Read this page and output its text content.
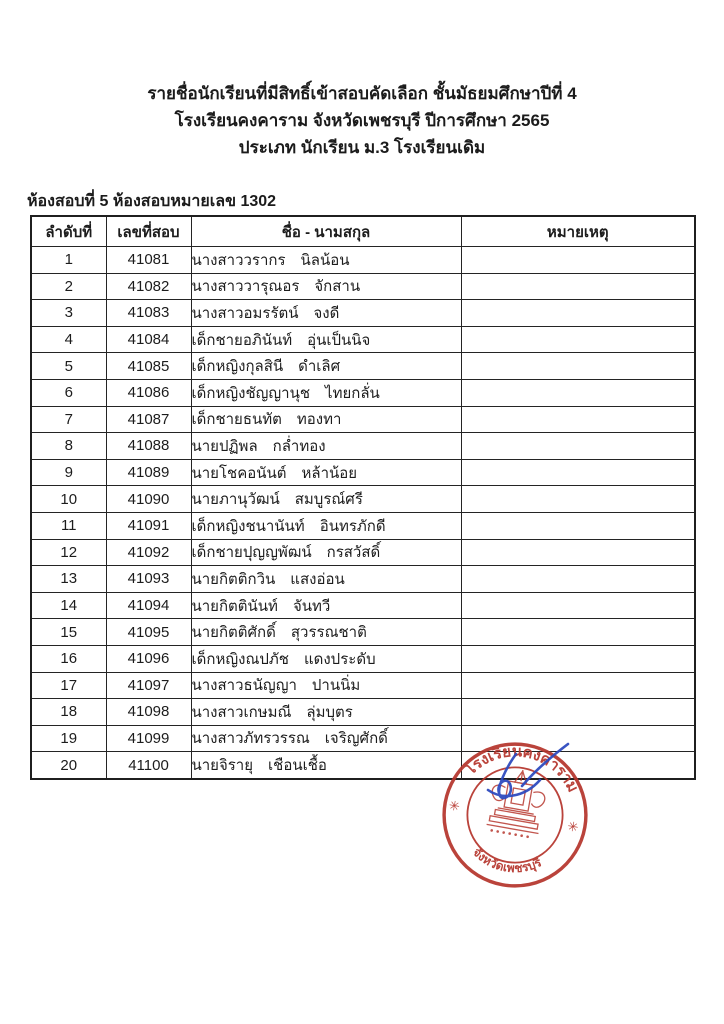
รายชื่อนักเรียนที่มีสิทธิ์เข้าสอบคัดเลือก ชั้นมัธยมศึกษาปีที่ 4
โรงเรียนคงคาราม จังหวัดเพชรบุรี ปีการศึกษา 2565
ประเภท นักเรียน ม.3 โรงเรียนเดิม
ห้องสอบที่ 5 ห้องสอบหมายเลข 1302
ลำดับที่	เลขที่สอบ	ชื่อ - นามสกุล	หมายเหตุ
1	41081	นางสาววรากร นิลน้อน	
2	41082	นางสาววารุณอร จักสาน	
3	41083	นางสาวอมรรัตน์ จงดี	
4	41084	เด็กชายอภินันท์ อุ่นเป็นนิจ	
5	41085	เด็กหญิงกุลสินี ดำเลิศ	
6	41086	เด็กหญิงชัญญานุช ไทยกลั่น	
7	41087	เด็กชายธนทัต ทองทา	
8	41088	นายปฏิพล กล่ำทอง	
9	41089	นายโชคอนันต์ หล้าน้อย	
10	41090	นายภานุวัฒน์ สมบูรณ์ศรี	
11	41091	เด็กหญิงชนานันท์ อินทรภักดี	
12	41092	เด็กชายปุญญพัฒน์ กรสวัสดิ์	
13	41093	นายกิตติกวิน แสงอ่อน	
14	41094	นายกิตตินันท์ จันทวี	
15	41095	นายกิตติศักดิ์ สุวรรณชาติ	
16	41096	เด็กหญิงณปภัช แดงประดับ	
17	41097	นางสาวธนัญญา ปานนิ่ม	
18	41098	นางสาวเกษมณี ลุ่มบุตร	
19	41099	นางสาวภัทรวรรณ เจริญศักดิ์	
20	41100	นายจิรายุ เชือนเชื้อ		โรงเรียนคงคาราม
จังหวัดเพชรบุรี
✳
✳
